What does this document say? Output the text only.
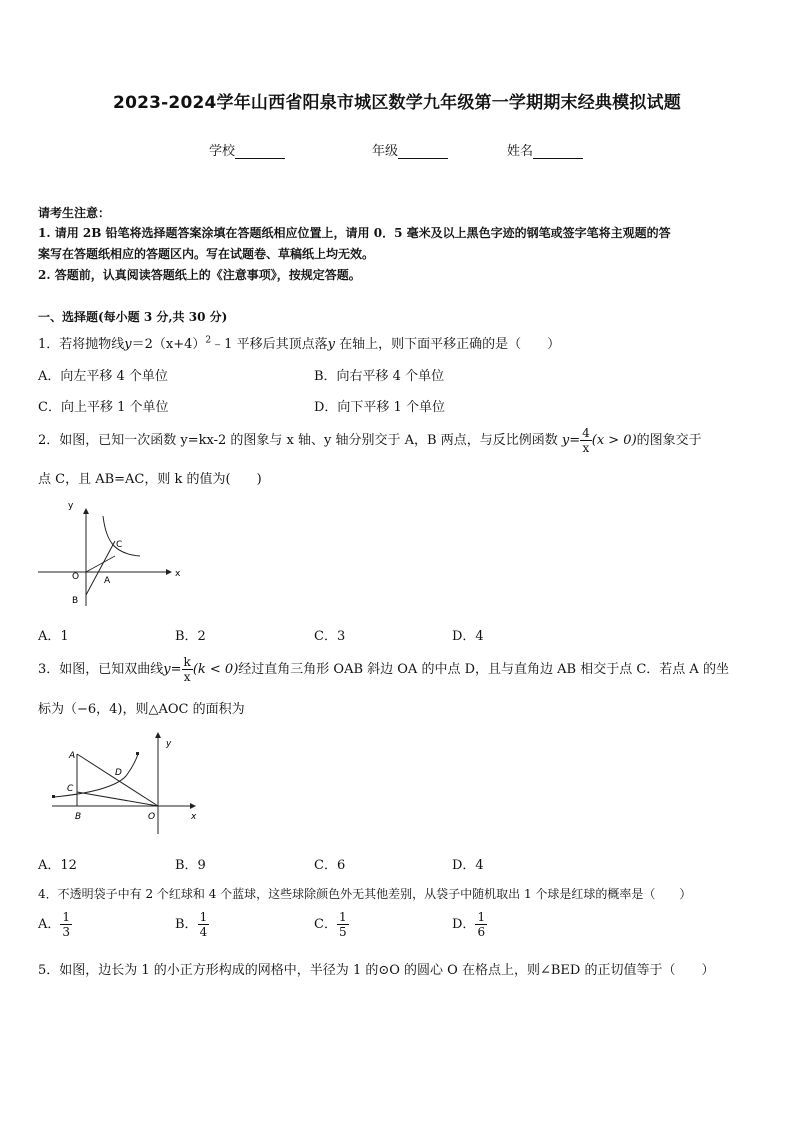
2023-2024学年山西省阳泉市城区数学九年级第一学期期末经典模拟试题
学校	年级	姓名
请考生注意：
1. 请用 2B 铅笔将选择题答案涂填在答题纸相应位置上，请用 0．5 毫米及以上黑色字迹的钢笔或签字笔将主观题的答
案写在答题纸相应的答题区内。写在试题卷、草稿纸上均无效。
2. 答题前，认真阅读答题纸上的《注意事项》，按规定答题。
一、选择题(每小题 3 分,共 30 分)
1．若将抛物线$y=2(x+4)^2﹣1$ 平移后其顶点落y 在轴上，则下面平移正确的是（　　）
A．向左平移 4 个单位	B．向右平移 4 个单位
C．向上平移 1 个单位	D．向下平移 1 个单位
2．如图，已知一次函数 y=kx-2 的图象与 x 轴、y 轴分别交于 A，B 两点，与反比例函数 $y= \frac{4}{x} (x > 0)$的图象交于
点 C，且 AB=AC，则 k 的值为(　　)
y
x
O	A
B
C
A．1	B．2	C．3	D．4
3．如图，已知双曲线$y= \frac{k}{x} (k < 0)$经过直角三角形 OAB 斜边 OA 的中点 D，且与直角边 AB 相交于点 C．若点 A 的坐
标为（−6，4)，则△AOC 的面积为
A
C
D
B	O
y
x
A．12	B．9	C．6	D．4
4．不透明袋子中有 2 个红球和 4 个蓝球，这些球除颜色外无其他差别，从袋子中随机取出 1 个球是红球的概率是（　　）
A． $\frac{1}{3}$	B． $\frac{1}{4}$	C． $\frac{1}{5}$	D． $\frac{1}{6}$
5．如图，边长为 1 的小正方形构成的网格中，半径为 1 的⊙O 的圆心 O 在格点上，则∠BED 的正切值等于（　　）
